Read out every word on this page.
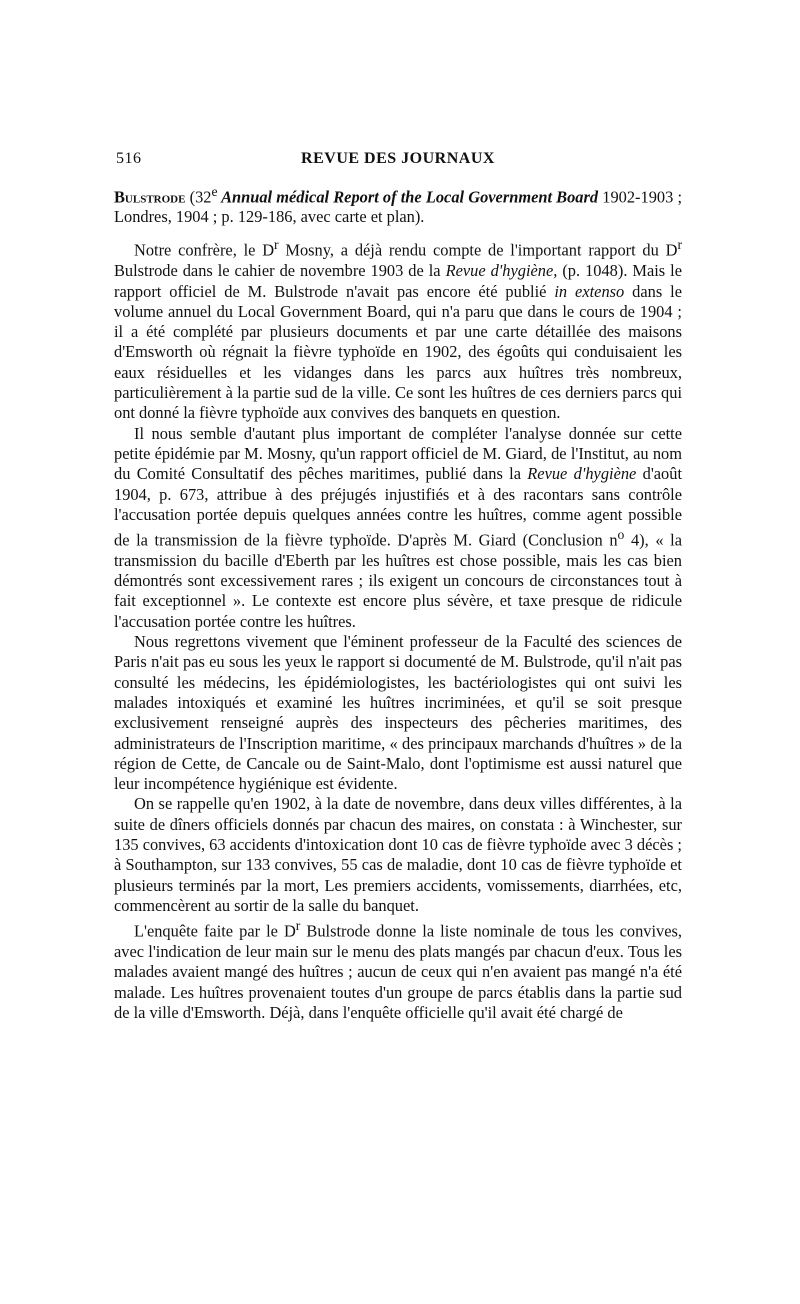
516	REVUE DES JOURNAUX

Bulstrode (32e Annual médical Report of the Local Government Board 1902-1903 ; Londres, 1904 ; p. 129-186, avec carte et plan).

Notre confrère, le $D^r$ Mosny, a déjà rendu compte de l'important rapport du $D^r$ Bulstrode dans le cahier de novembre 1903 de la Revue d'hygiène, (p. 1048). Mais le rapport officiel de M. Bulstrode n'avait pas encore été publié in extenso dans le volume annuel du Local Government Board, qui n'a paru que dans le cours de 1904 ; il a été complété par plusieurs documents et par une carte détaillée des maisons d'Emsworth où régnait la fièvre typhoïde en 1902, des égoûts qui conduisaient les eaux résiduelles et les vidanges dans les parcs aux huîtres très nombreux, particulièrement à la partie sud de la ville. Ce sont les huîtres de ces derniers parcs qui ont donné la fièvre typhoïde aux convives des banquets en question.

Il nous semble d'autant plus important de compléter l'analyse donnée sur cette petite épidémie par M. Mosny, qu'un rapport officiel de M. Giard, de l'Institut, au nom du Comité Consultatif des pêches maritimes, publié dans la Revue d'hygiène d'août 1904, p. 673, attribue à des préjugés injustifiés et à des racontars sans contrôle l'accusation portée depuis quelques années contre les huîtres, comme agent possible de la transmission de la fièvre typhoïde. D'après M. Giard (Conclusion $n^o$ 4), « la transmission du bacille d'Eberth par les huîtres est chose possible, mais les cas bien démontrés sont excessivement rares ; ils exigent un concours de circonstances tout à fait exceptionnel ». Le contexte est encore plus sévère, et taxe presque de ridicule l'accusation portée contre les huîtres.

Nous regrettons vivement que l'éminent professeur de la Faculté des sciences de Paris n'ait pas eu sous les yeux le rapport si documenté de M. Bulstrode, qu'il n'ait pas consulté les médecins, les épidémiologistes, les bactériologistes qui ont suivi les malades intoxiqués et examiné les huîtres incriminées, et qu'il se soit presque exclusivement renseigné auprès des inspecteurs des pêcheries maritimes, des administrateurs de l'Inscription maritime, « des principaux marchands d'huîtres » de la région de Cette, de Cancale ou de Saint-Malo, dont l'optimisme est aussi naturel que leur incompétence hygiénique est évidente.

On se rappelle qu'en 1902, à la date de novembre, dans deux villes différentes, à la suite de dîners officiels donnés par chacun des maires, on constata : à Winchester, sur 135 convives, 63 accidents d'intoxication dont 10 cas de fièvre typhoïde avec 3 décès ; à Southampton, sur 133 convives, 55 cas de maladie, dont 10 cas de fièvre typhoïde et plusieurs terminés par la mort, Les premiers accidents, vomissements, diarrhées, etc, commencèrent au sortir de la salle du banquet.

L'enquête faite par le $D^r$ Bulstrode donne la liste nominale de tous les convives, avec l'indication de leur main sur le menu des plats mangés par chacun d'eux. Tous les malades avaient mangé des huîtres ; aucun de ceux qui n'en avaient pas mangé n'a été malade. Les huîtres provenaient toutes d'un groupe de parcs établis dans la partie sud de la ville d'Emsworth. Déjà, dans l'enquête officielle qu'il avait été chargé de
